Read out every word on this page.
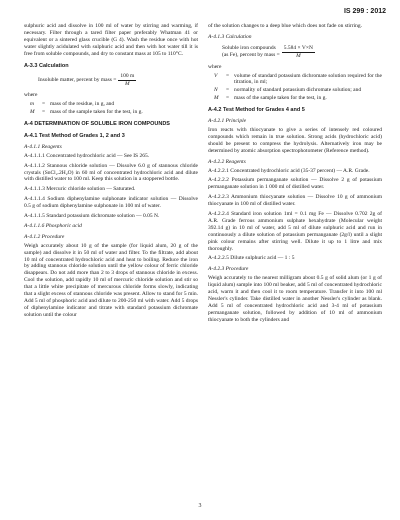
IS 299 : 2012

sulphuric acid and dissolve in 100 ml of water by stirring and warming, if necessary. Filter through a tared filter paper preferably Whatman 41 or equivalent or a sintered glass crucible (G 4). Wash the residue once with hot water slightly acidulated with sulphuric acid and then with hot water till it is free from soluble compounds, and dry to constant mass at 105 to 110°C.

A-3.3 Calculation
Insoluble matter, percent by mass = $\frac{100 m}{M}$
where
m	= mass of the residue, in g, and
M	= mass of the sample taken for the test, in g.
A-4 DETERMINATION OF SOLUBLE IRON COMPOUNDS
A-4.1 Test Method of Grades 1, 2 and 3
A-4.1.1 Reagents

A-4.1.1.1 Concentrated hydrochloric acid — See IS 265.

A-4.1.1.2 Stannous chloride solution — Dissolve 6.0 g of stannous chloride crystals (SnCl₂.2H₂O) in 60 ml of concentrated hydrochloric acid and dilute with distilled water to 100 ml. Keep this solution in a stoppered bottle.

A-4.1.1.3 Mercuric chloride solution — Saturated.

A-4.1.1.4 Sodium diphenylamine sulphonate indicator solution — Dissolve 0.5 g of sodium diphenylamine sulphonate in 100 ml of water.

A-4.1.1.5 Standard potassium dichromate solution — 0.05 N.

A-4.1.1.6 Phosphoric acid

A-4.1.2 Procedure

Weigh accurately about 10 g of the sample (for liquid alum, 20 g of the sample) and dissolve it in 50 ml of water and filter. To the filtrate, add about 10 ml of concentrated hydrochloric acid and heat to boiling. Reduce the iron by adding stannous chloride solution until the yellow colour of ferric chloride disappears. Do not add more than 2 to 3 drops of stannous chloride in excess. Cool the solution, add rapidly 10 ml of mercuric chloride solution and stir so that a little white precipitate of mercurous chloride forms slowly, indicating that a slight excess of stannous chloride was present. Allow to stand for 5 min. Add 5 ml of phosphoric acid and dilute to 200-250 ml with water. Add 5 drops of diphenylamine indicator and titrate with standard potassium dichromate solution until the colour

of the solution changes to a deep blue which does not fade on stirring.

A-4.1.3 Calculation
Soluble iron compounds
(as Fe), percent by mass = $\frac{5.584 \times V\times N}{M}$
where
V	= volume of standard potassium dichromate solution required for the titration, in ml;
N	= normality of standard potassium dichromate solution; and
M	= mass of the sample taken for the test, in g.
A-4.2 Test Method for Grades 4 and 5
A-4.2.1 Principle

Iron reacts with thiocyanate to give a series of intensely red coloured compounds which remain in true solution. Strong acids (hydrochloric acid) should be present to compress the hydrolysis. Alternatively iron may be determined by atomic absorption spectrophotometer (Reference method).

A-4.2.2 Reagents

A-4.2.2.1 Concentrated hydrochloric acid (35-37 percent) — A.R. Grade.

A-4.2.2.2 Potassium permanganate solution — Dissolve 2 g of potassium permanganate solution in 1 000 ml of distilled water.

A-4.2.2.3 Ammonium thiocyanate solution — Dissolve 10 g of ammonium thiocyanate in 100 ml of distilled water.

A-4.2.2.4 Standard iron solution 1ml = 0.1 mg Fe — Dissolve 0.702 2g of A.R. Grade ferrous ammonium sulphate hexahydrate (Molecular weight 392.14 g) in 10 ml of water, add 5 ml of dilute sulphuric acid and run in continuously a dilute solution of potassium permanganate (2g/l) until a slight pink colour remains after stirring well. Dilute it up to 1 litre and mix thoroughly.

A-4.2.2.5 Dilute sulphuric acid — 1 : 5

A-4.2.3 Procedure

Weigh accurately to the nearest milligram about 0.5 g of solid alum (or 1 g of liquid alum) sample into 100 ml beaker, add 5 ml of concentrated hydrochloric acid, warm it and then cool it to room temperature. Transfer it into 100 ml Nessler's cylinder. Take distilled water in another Nessler's cylinder as blank. Add 5 ml of concentrated hydrochloric acid and 3-4 ml of potassium permanganate solution, followed by addition of 10 ml of ammonium thiocyanate to both the cylinders and

3
